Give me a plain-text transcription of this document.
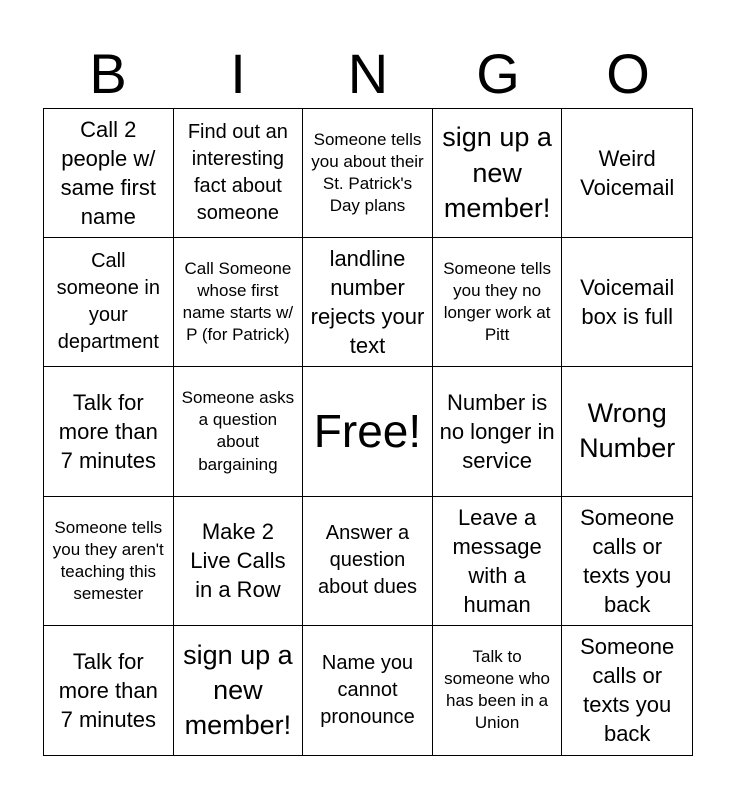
B	I	N	G	O
Call 2 people w/ same first name
Find out an interesting fact about someone
Someone tells you about their St. Patrick's Day plans
sign up a new member!
Weird Voicemail
Call someone in your department
Call Someone whose first name starts w/ P (for Patrick)
landline number rejects your text
Someone tells you they no longer work at Pitt
Voicemail box is full
Talk for more than 7 minutes
Someone asks a question about bargaining
Free!
Number is no longer in service
Wrong Number
Someone tells you they aren't teaching this semester
Make 2 Live Calls in a Row
Answer a question about dues
Leave a message with a human
Someone calls or texts you back
Talk for more than 7 minutes
sign up a new member!
Name you cannot pronounce
Talk to someone who has been in a Union
Someone calls or texts you back
